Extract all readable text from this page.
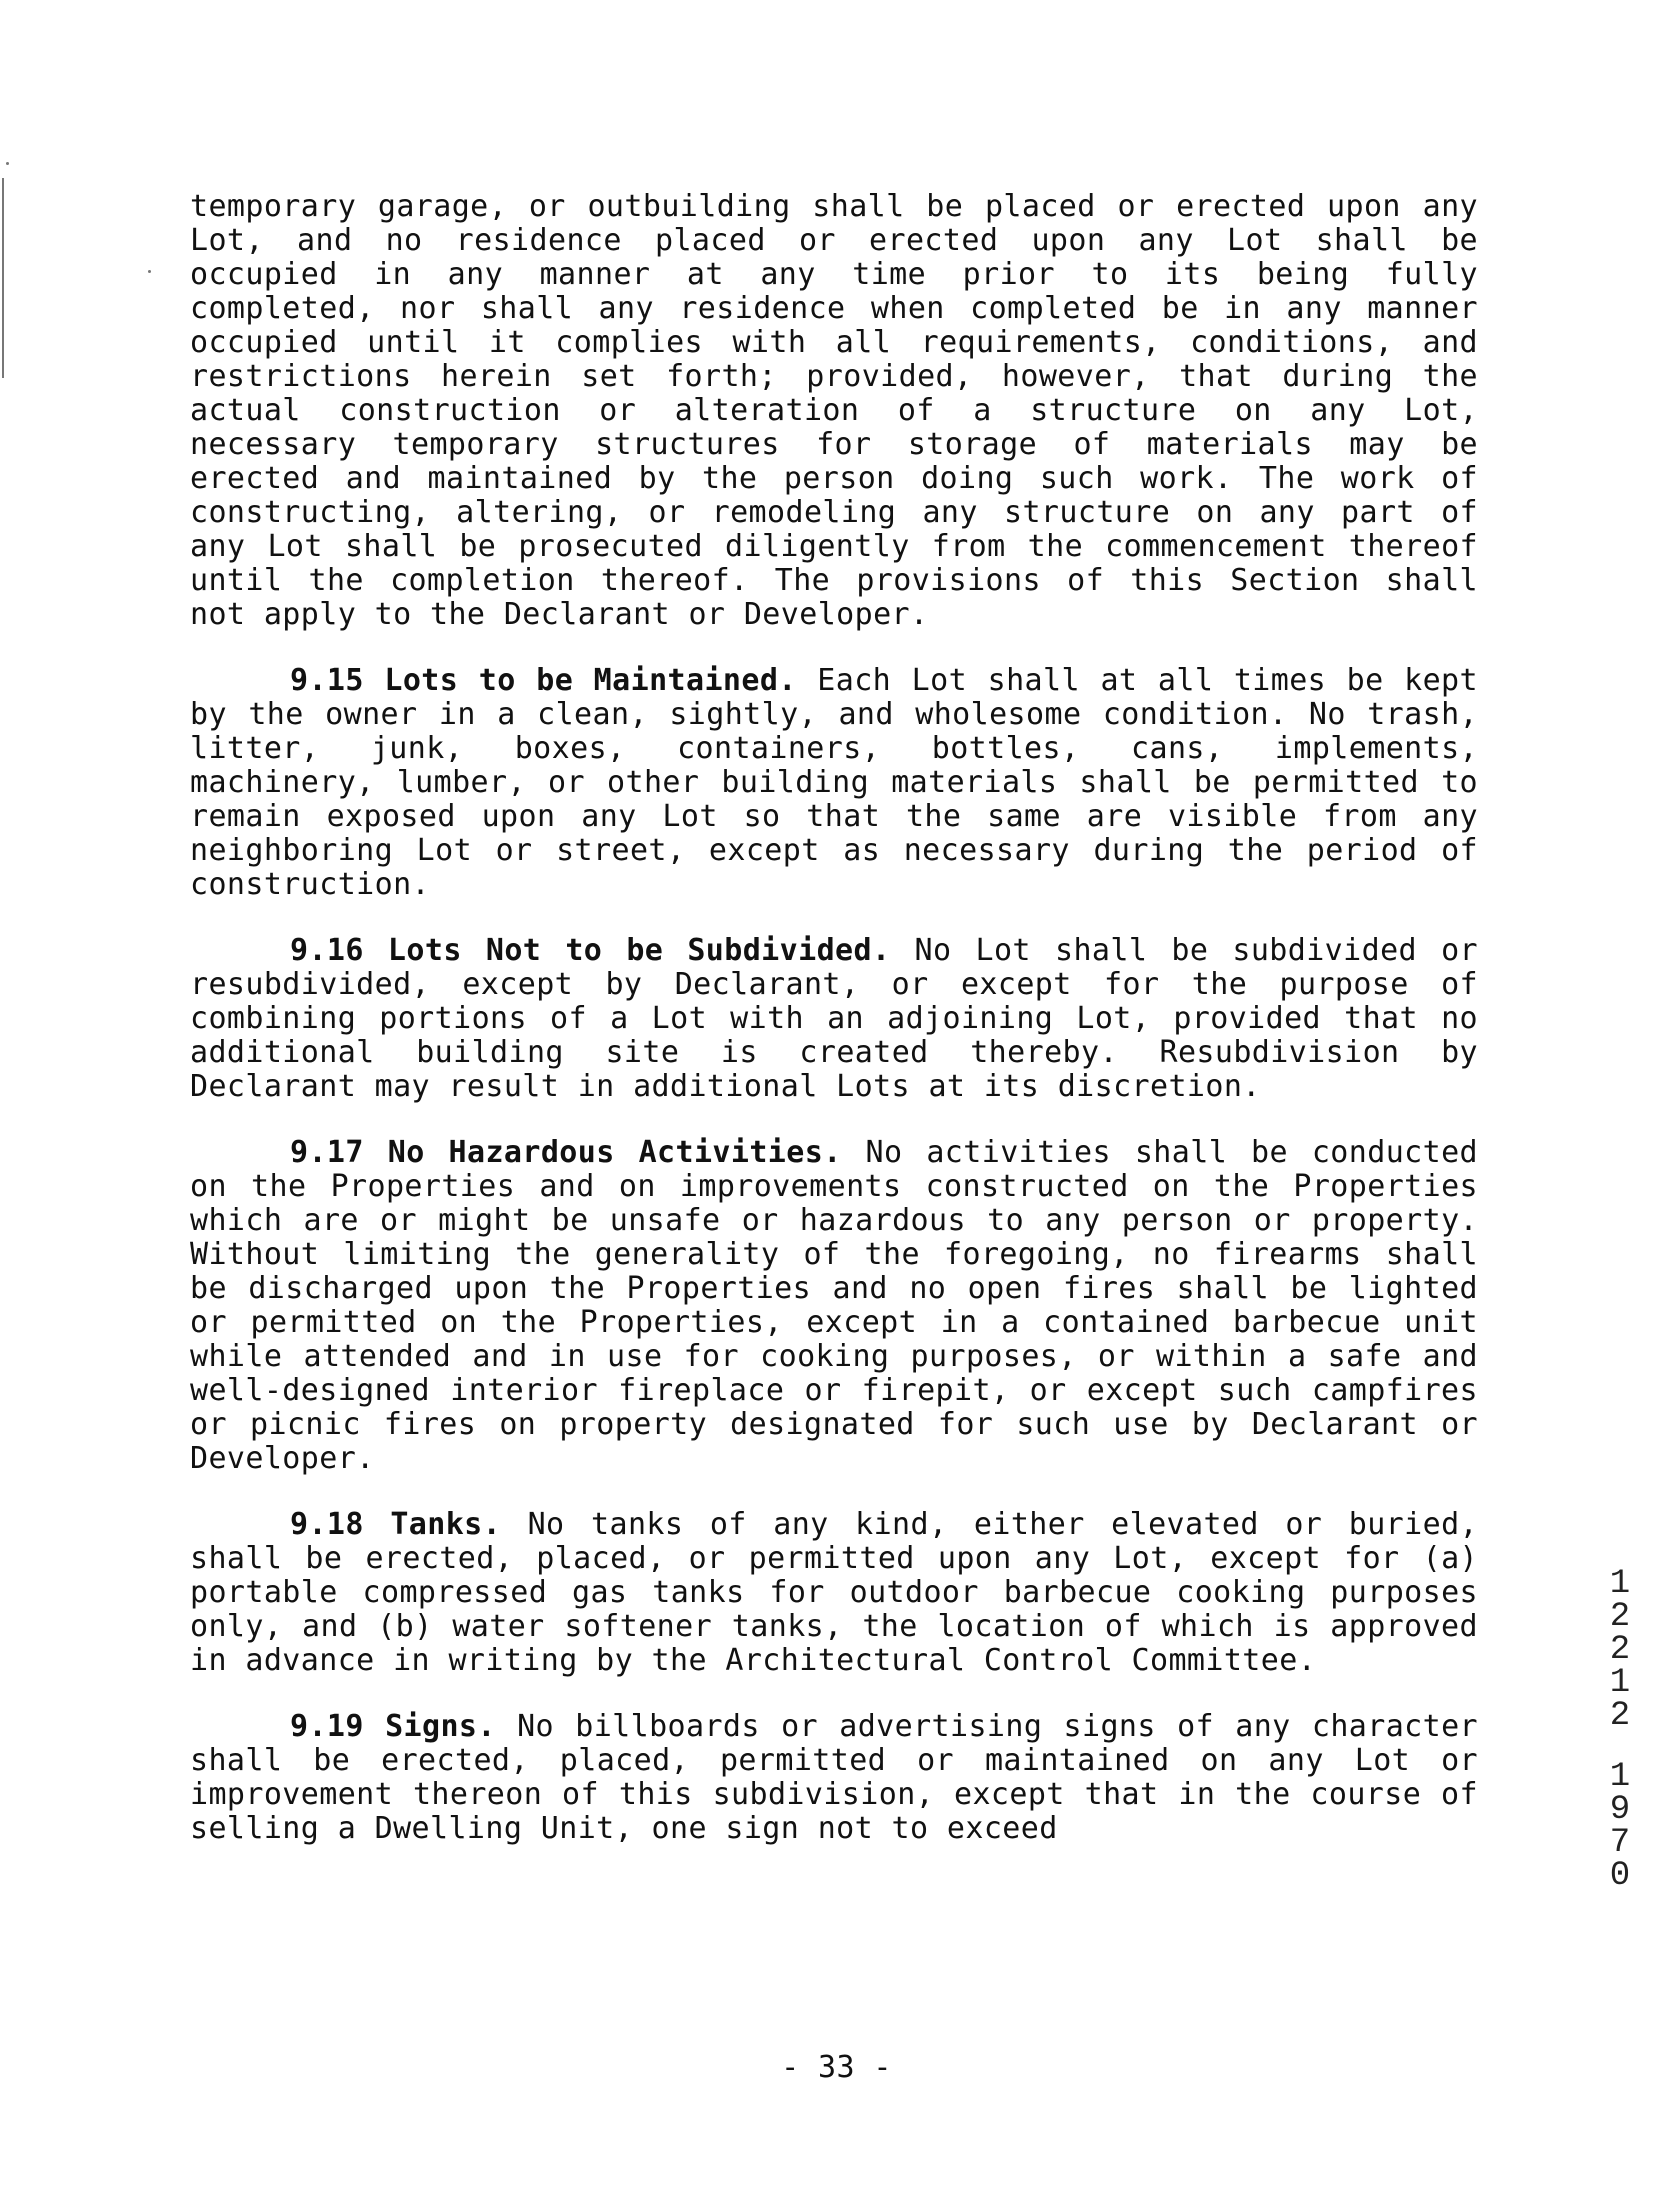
temporary garage, or outbuilding shall be placed or erected upon any Lot, and no residence placed or erected upon any Lot shall be occupied in any manner at any time prior to its being fully completed, nor shall any residence when completed be in any manner occupied until it complies with all requirements, conditions, and restrictions herein set forth; provided, however, that during the actual construction or alteration of a structure on any Lot, necessary temporary structures for storage of materials may be erected and maintained by the person doing such work. The work of constructing, altering, or remodeling any structure on any part of any Lot shall be prosecuted diligently from the commencement thereof until the completion thereof. The provisions of this Section shall not apply to the Declarant or Developer.

9.15 Lots to be Maintained. Each Lot shall at all times be kept by the owner in a clean, sightly, and wholesome condition. No trash, litter, junk, boxes, containers, bottles, cans, implements, machinery, lumber, or other building materials shall be permitted to remain exposed upon any Lot so that the same are visible from any neighboring Lot or street, except as necessary during the period of construction.

9.16 Lots Not to be Subdivided. No Lot shall be subdivided or resubdivided, except by Declarant, or except for the purpose of combining portions of a Lot with an adjoining Lot, provided that no additional building site is created thereby. Resubdivision by Declarant may result in additional Lots at its discretion.

9.17 No Hazardous Activities. No activities shall be conducted on the Properties and on improvements constructed on the Properties which are or might be unsafe or hazardous to any person or property. Without limiting the generality of the foregoing, no firearms shall be discharged upon the Properties and no open fires shall be lighted or permitted on the Properties, except in a contained barbecue unit while attended and in use for cooking purposes, or within a safe and well-designed interior fireplace or firepit, or except such campfires or picnic fires on property designated for such use by Declarant or Developer.

9.18 Tanks. No tanks of any kind, either elevated or buried, shall be erected, placed, or permitted upon any Lot, except for (a) portable compressed gas tanks for outdoor barbecue cooking purposes only, and (b) water softener tanks, the location of which is approved in advance in writing by the Architectural Control Committee.

9.19 Signs. No billboards or advertising signs of any character shall be erected, placed, permitted or maintained on any Lot or improvement thereon of this subdivision, except that in the course of selling a Dwelling Unit, one sign not to exceed

1
2
2
1
2
1
9
7
0
- 33 -
